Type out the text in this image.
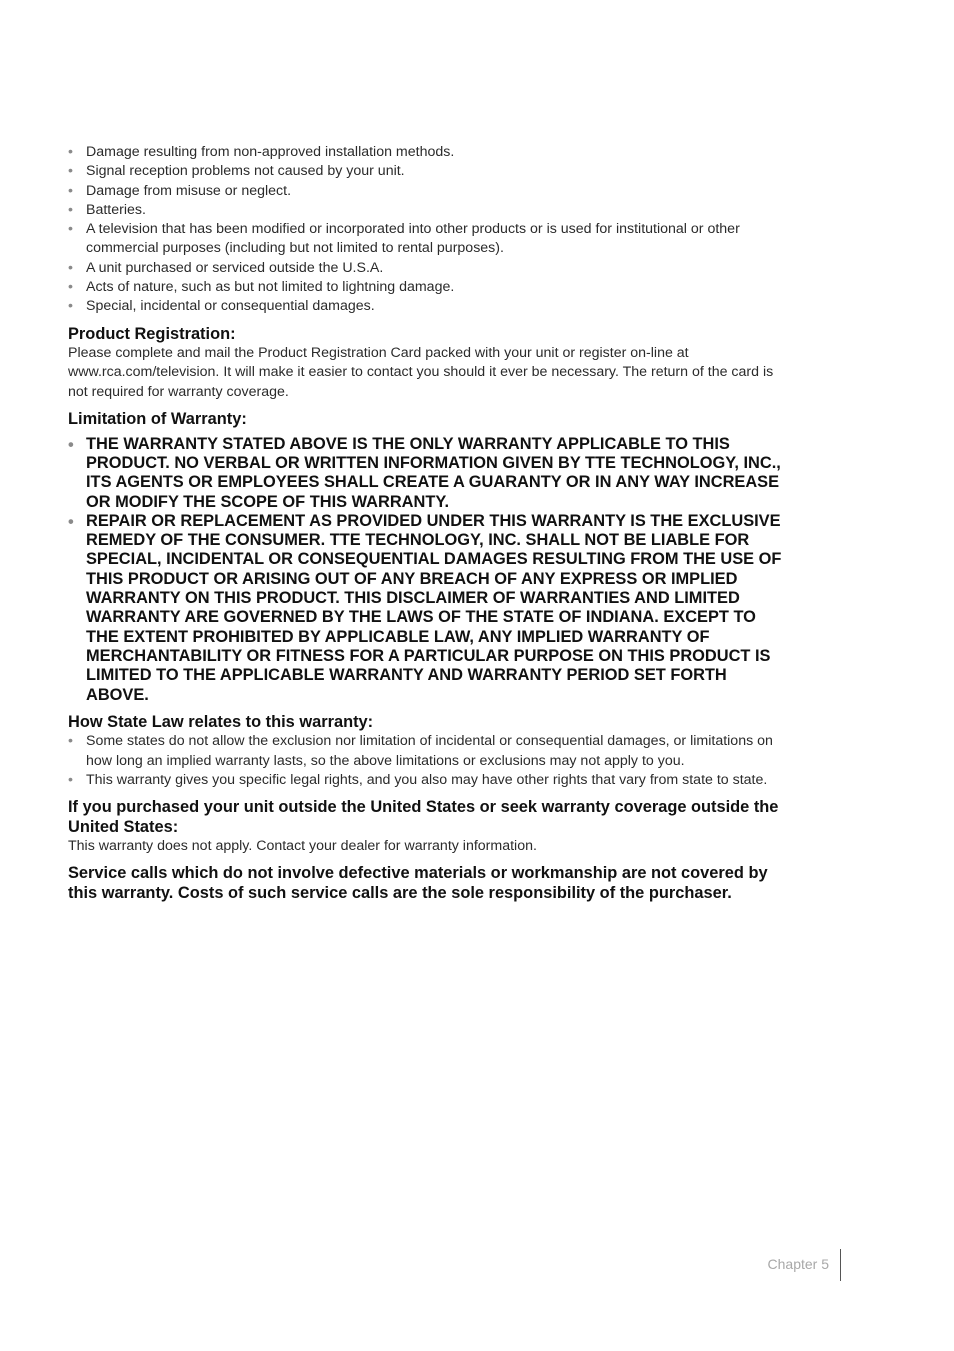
• Damage resulting from non-approved installation methods.
• Signal reception problems not caused by your unit.
• Damage from misuse or neglect.
• Batteries.
• A television that has been modified or incorporated into other products or is used for institutional or other commercial purposes (including but not limited to rental purposes).
• A unit purchased or serviced outside the U.S.A.
• Acts of nature, such as but not limited to lightning damage.
• Special, incidental or consequential damages.
Product Registration:

Please complete and mail the Product Registration Card packed with your unit or register on-line at www.rca.com/television. It will make it easier to contact you should it ever be necessary. The return of the card is not required for warranty coverage.

Limitation of Warranty:
• THE WARRANTY STATED ABOVE IS THE ONLY WARRANTY APPLICABLE TO THIS PRODUCT. NO VERBAL OR WRITTEN INFORMATION GIVEN BY TTE TECHNOLOGY, INC., ITS AGENTS OR EMPLOYEES SHALL CREATE A GUARANTY OR IN ANY WAY INCREASE OR MODIFY THE SCOPE OF THIS WARRANTY.
• REPAIR OR REPLACEMENT AS PROVIDED UNDER THIS WARRANTY IS THE EXCLUSIVE REMEDY OF THE CONSUMER. TTE TECHNOLOGY, INC. SHALL NOT BE LIABLE FOR SPECIAL, INCIDENTAL OR CONSEQUENTIAL DAMAGES RESULTING FROM THE USE OF THIS PRODUCT OR ARISING OUT OF ANY BREACH OF ANY EXPRESS OR IMPLIED WARRANTY ON THIS PRODUCT. THIS DISCLAIMER OF WARRANTIES AND LIMITED WARRANTY ARE GOVERNED BY THE LAWS OF THE STATE OF INDIANA. EXCEPT TO THE EXTENT PROHIBITED BY APPLICABLE LAW, ANY IMPLIED WARRANTY OF MERCHANTABILITY OR FITNESS FOR A PARTICULAR PURPOSE ON THIS PRODUCT IS LIMITED TO THE APPLICABLE WARRANTY AND WARRANTY PERIOD SET FORTH ABOVE.
How State Law relates to this warranty:
• Some states do not allow the exclusion nor limitation of incidental or consequential damages, or limitations on how long an implied warranty lasts, so the above limitations or exclusions may not apply to you.
• This warranty gives you specific legal rights, and you also may have other rights that vary from state to state.
If you purchased your unit outside the United States or seek warranty coverage outside the United States:

This warranty does not apply. Contact your dealer for warranty information.

Service calls which do not involve defective materials or workmanship are not covered by this warranty. Costs of such service calls are the sole responsibility of the purchaser.
Chapter 5
